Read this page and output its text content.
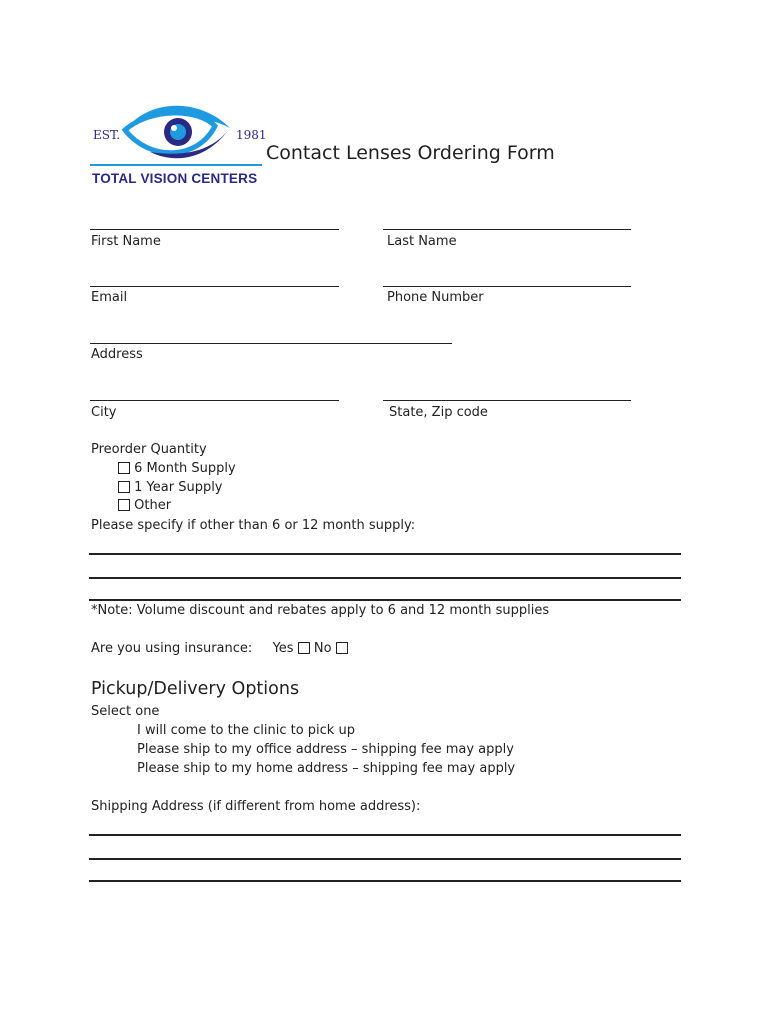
EST.	1981
TOTAL VISION CENTERS
Contact Lenses Ordering Form
First Name	Last Name
Email	Phone Number
Address
City	State, Zip code
Preorder Quantity
6 Month Supply
1 Year Supply
Other
Please specify if other than 6 or 12 month supply:
*Note: Volume discount and rebates apply to 6 and 12 month supplies
Are you using insurance: Yes No
Pickup/Delivery Options
Select one
I will come to the clinic to pick up
Please ship to my office address – shipping fee may apply
Please ship to my home address – shipping fee may apply
Shipping Address (if different from home address):
